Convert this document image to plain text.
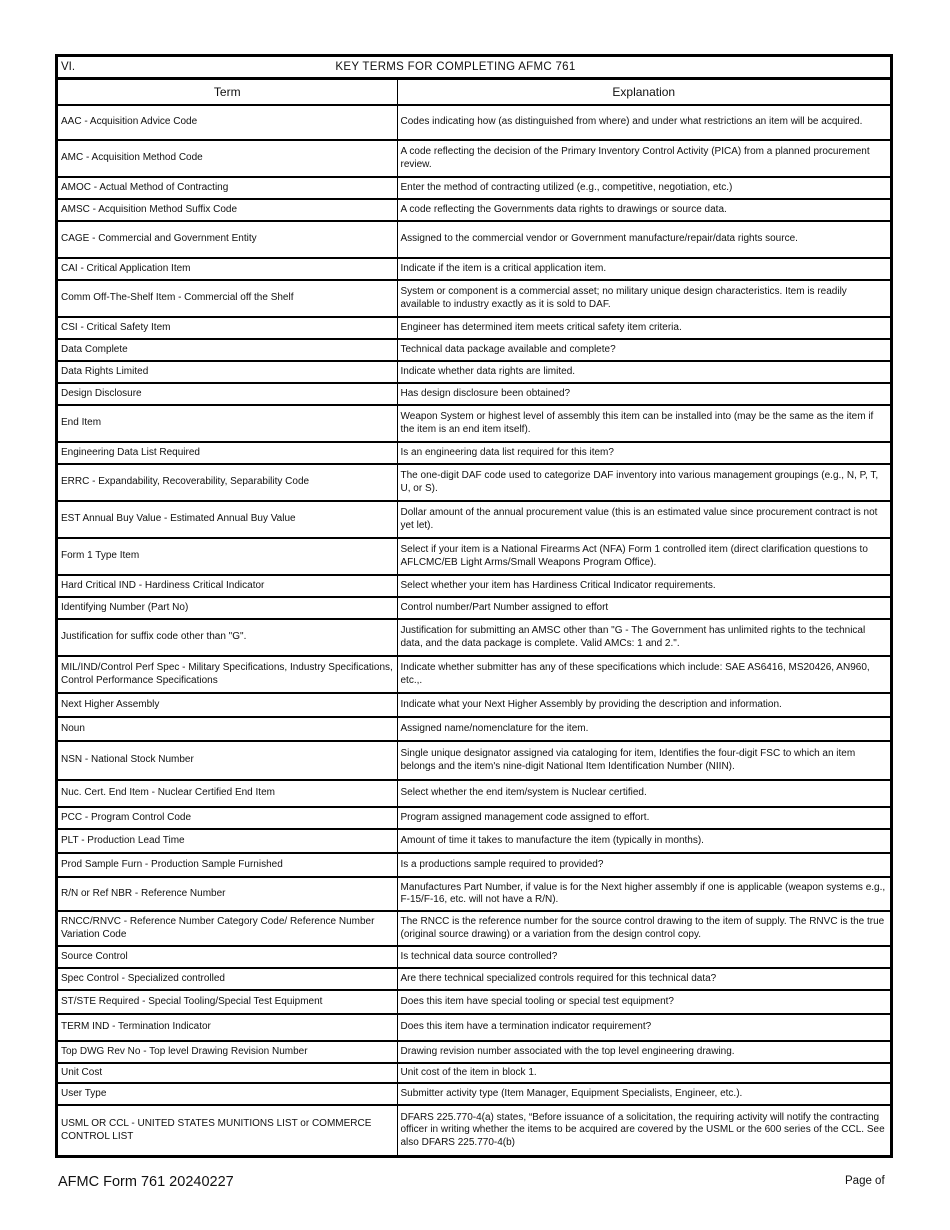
VI.	KEY TERMS FOR COMPLETING AFMC 761
Term	Explanation
AAC - Acquisition Advice Code	Codes indicating how (as distinguished from where) and under what restrictions an item will be acquired.
AMC - Acquisition Method Code	A code reflecting the decision of the Primary Inventory Control Activity (PICA) from a planned procurement review.
AMOC - Actual Method of Contracting	Enter the method of contracting utilized (e.g., competitive, negotiation, etc.)
AMSC - Acquisition Method Suffix Code	A code reflecting the Governments data rights to drawings or source data.
CAGE - Commercial and Government Entity	Assigned to the commercial vendor or Government manufacture/repair/data rights source.
CAI - Critical Application Item	Indicate if the item is a critical application item.
Comm Off-The-Shelf Item - Commercial off the Shelf	System or component is a commercial asset; no military unique design characteristics. Item is readily available to industry exactly as it is sold to DAF.
CSI - Critical Safety Item	Engineer has determined item meets critical safety item criteria.
Data Complete	Technical data package available and complete?
Data Rights Limited	Indicate whether data rights are limited.
Design Disclosure	Has design disclosure been obtained?
End Item	Weapon System or highest level of assembly this item can be installed into (may be the same as the item if the item is an end item itself).
Engineering Data List Required	Is an engineering data list required for this item?
ERRC - Expandability, Recoverability, Separability Code	The one-digit DAF code used to categorize DAF inventory into various management groupings (e.g., N, P, T, U, or S).
EST Annual Buy Value - Estimated Annual Buy Value	Dollar amount of the annual procurement value (this is an estimated value since procurement contract is not yet let).
Form 1 Type Item	Select if your item is a National Firearms Act (NFA) Form 1 controlled item (direct clarification questions to AFLCMC/EB Light Arms/Small Weapons Program Office).
Hard Critical IND - Hardiness Critical Indicator	Select whether your item has Hardiness Critical Indicator requirements.
Identifying Number (Part No)	Control number/Part Number assigned to effort
Justification for suffix code other than "G".	Justification for submitting an AMSC other than "G - The Government has unlimited rights to the technical data, and the data package is complete. Valid AMCs: 1 and 2.".
MIL/IND/Control Perf Spec - Military Specifications, Industry Specifications, Control Performance Specifications	Indicate whether submitter has any of these specifications which include: SAE AS6416, MS20426, AN960, etc.,.
Next Higher Assembly	Indicate what your Next Higher Assembly by providing the description and information.
Noun	Assigned name/nomenclature for the item.
NSN - National Stock Number	Single unique designator assigned via cataloging for item, Identifies the four-digit FSC to which an item belongs and the item's nine-digit National Item Identification Number (NIIN).
Nuc. Cert. End Item - Nuclear Certified End Item	Select whether the end item/system is Nuclear certified.
PCC - Program Control Code	Program assigned management code assigned to effort.
PLT - Production Lead Time	Amount of time it takes to manufacture the item (typically in months).
Prod Sample Furn - Production Sample Furnished	Is a productions sample required to provided?
R/N or Ref NBR - Reference Number	Manufactures Part Number, if value is for the Next higher assembly if one is applicable (weapon systems e.g., F-15/F-16, etc. will not have a R/N).
RNCC/RNVC - Reference Number Category Code/ Reference Number Variation Code	The RNCC is the reference number for the source control drawing to the item of supply. The RNVC is the true (original source drawing) or a variation from the design control copy.
Source Control	Is technical data source controlled?
Spec Control - Specialized controlled	Are there technical specialized controls required for this technical data?
ST/STE Required - Special Tooling/Special Test Equipment	Does this item have special tooling or special test equipment?
TERM IND - Termination Indicator	Does this item have a termination indicator requirement?
Top DWG Rev No - Top level Drawing Revision Number	Drawing revision number associated with the top level engineering drawing.
Unit Cost	Unit cost of the item in block 1.
User Type	Submitter activity type (Item Manager, Equipment Specialists, Engineer, etc.).
USML OR CCL - UNITED STATES MUNITIONS LIST or COMMERCE CONTROL LIST	DFARS 225.770-4(a) states, “Before issuance of a solicitation, the requiring activity will notify the contracting officer in writing whether the items to be acquired are covered by the USML or the 600 series of the CCL. See also DFARS 225.770-4(b)
AFMC Form 761 20240227	Page of
